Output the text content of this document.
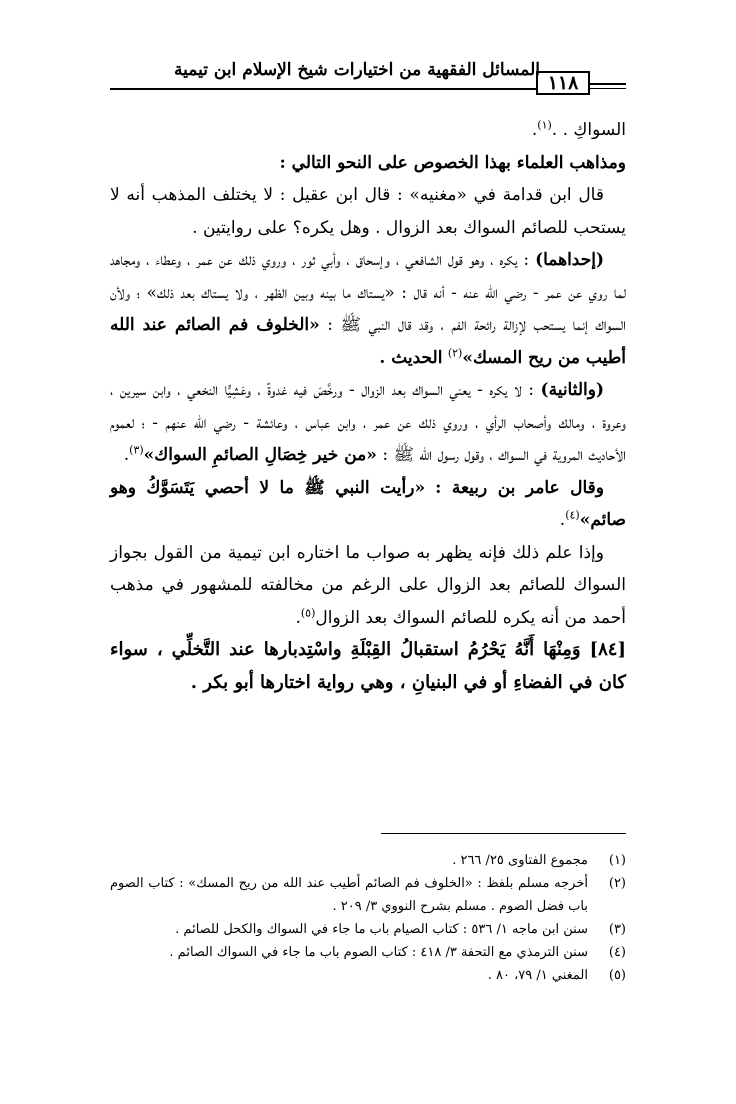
المسائل الفقهية من اختيارات شيخ الإسلام ابن تيمية
١١٨

السواكِ . .$^{(١)}$.

ومذاهب العلماء بهذا الخصوص على النحو التالي :

قال ابن قدامة في «مغنيه» : قال ابن عقيل : لا يختلف المذهب أنه لا يستحب للصائم السواك بعد الزوال . وهل يكره؟ على روايتين .

(إحداهما) : يكره ، وهو قول الشافعي ، وإسحاق ، وأبي ثور ، وروي ذلك عن عمر ، وعطاء ، ومجاهد لما روي عن عمر - رضي الله عنه - أنه قال : «يستاك ما بينه وبين الظهر ، ولا يستاك بعد ذلك» ؛ ولأن السواك إنما يستحب لإزالة رائحة الفم ، وقد قال النبي ﷺ : «الخلوف فم الصائم عند الله أطيب من ريح المسك»$^{(٢)}$ الحديث .

(والثانية) : لا يكره - يعني السواك بعد الزوال - ورخَّصَ فيه غدوةً ، وعَشِيًّا النخعي ، وابن سيرين ، وعروة ، ومالك وأصحاب الرأي ، وروي ذلك عن عمر ، وابن عباس ، وعائشة - رضي الله عنهم - ؛ لعموم الأحاديث المروية في السواك ، وقول رسول الله ﷺ : «من خير خِصَالِ الصائمِ السواك»$^{(٣)}$.

وقال عامر بن ربيعة : «رأيت النبي ﷺ ما لا أحصي يَتَسَوَّكُ وهو صائم»$^{(٤)}$.

وإذا علم ذلك فإنه يظهر به صواب ما اختاره ابن تيمية من القول بجواز السواك للصائم بعد الزوال على الرغم من مخالفته للمشهور في مذهب أحمد من أنه يكره للصائم السواك بعد الزوال$^{(٥)}$.

[٨٤] وَمِنْهَا أَنَّهُ يَحْرُمُ استقبالُ القِبْلَةِ واسْتِدبارها عند التَّخلِّي ، سواء كان في الفضاءِ أو في البنيانِ ، وهي رواية اختارها أبو بكر .

(١)
مجموع الفتاوى ٢٥/ ٢٦٦ .
(٢)
أخرجه مسلم بلفظ : «الخلوف فم الصائم أطيب عند الله من ريح المسك» : كتاب الصوم باب فضل الصوم . مسلم بشرح النووي ٣/ ٢٠٩ .
(٣)
سنن ابن ماجه ١/ ٥٣٦ : كتاب الصيام باب ما جاء في السواك والكحل للصائم .
(٤)
سنن الترمذي مع التحفة ٣/ ٤١٨ : كتاب الصوم باب ما جاء في السواك الصائم .
(٥)
المغني ١/ ٧٩، ٨٠ .
